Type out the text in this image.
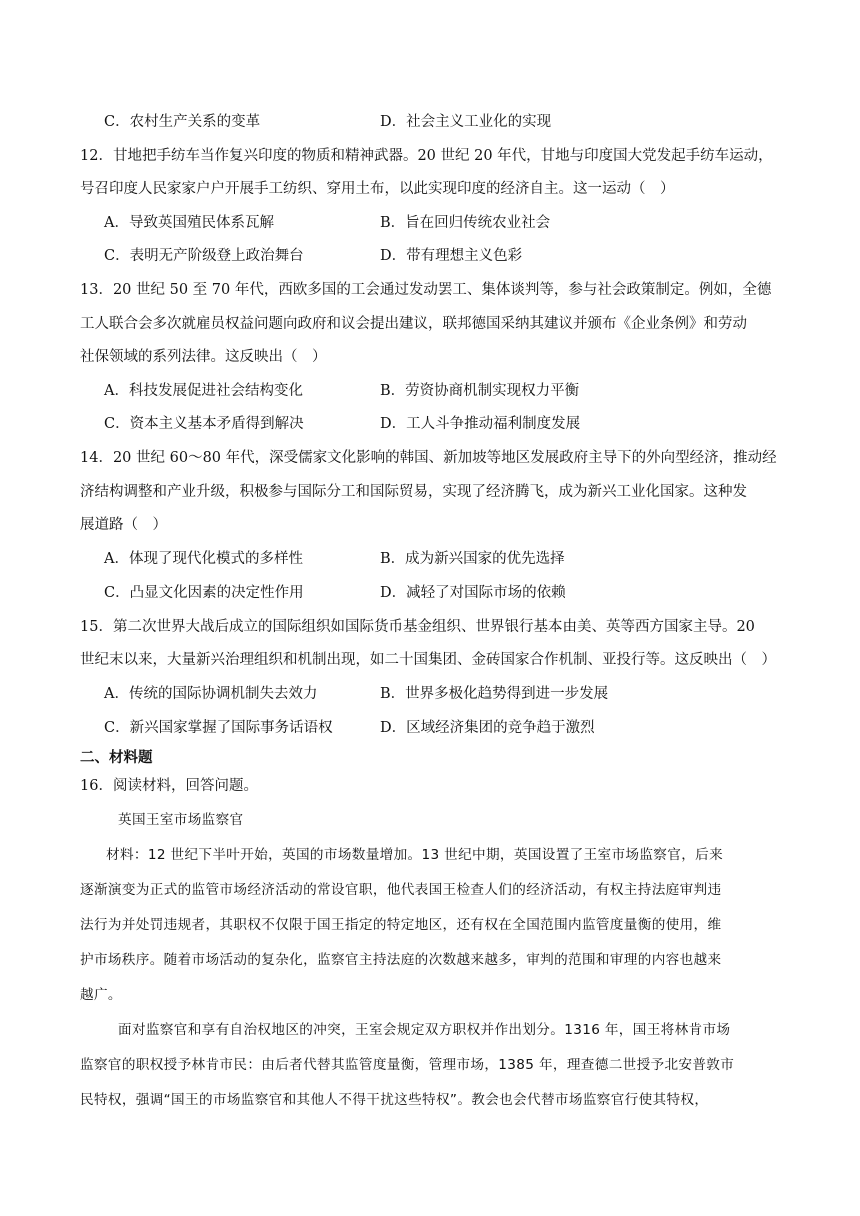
C．农村生产关系的变革	D．社会主义工业化的实现
12．甘地把手纺车当作复兴印度的物质和精神武器。20 世纪 20 年代，甘地与印度国大党发起手纺车运动，
号召印度人民家家户户开展手工纺织、穿用土布，以此实现印度的经济自主。这一运动（　）
A．导致英国殖民体系瓦解	B．旨在回归传统农业社会
C．表明无产阶级登上政治舞台	D．带有理想主义色彩
13．20 世纪 50 至 70 年代，西欧多国的工会通过发动罢工、集体谈判等，参与社会政策制定。例如，全德
工人联合会多次就雇员权益问题向政府和议会提出建议，联邦德国采纳其建议并颁布《企业条例》和劳动
社保领域的系列法律。这反映出（　）
A．科技发展促进社会结构变化	B．劳资协商机制实现权力平衡
C．资本主义基本矛盾得到解决	D．工人斗争推动福利制度发展
14．20 世纪 60～80 年代，深受儒家文化影响的韩国、新加坡等地区发展政府主导下的外向型经济，推动经
济结构调整和产业升级，积极参与国际分工和国际贸易，实现了经济腾飞，成为新兴工业化国家。这种发
展道路（　）
A．体现了现代化模式的多样性	B．成为新兴国家的优先选择
C．凸显文化因素的决定性作用	D．减轻了对国际市场的依赖
15．第二次世界大战后成立的国际组织如国际货币基金组织、世界银行基本由美、英等西方国家主导。20
世纪末以来，大量新兴治理组织和机制出现，如二十国集团、金砖国家合作机制、亚投行等。这反映出（　）
A．传统的国际协调机制失去效力	B．世界多极化趋势得到进一步发展
C．新兴国家掌握了国际事务话语权	D．区域经济集团的竞争趋于激烈
二、材料题
16．阅读材料，回答问题。
英国王室市场监察官
材料：12 世纪下半叶开始，英国的市场数量增加。13 世纪中期，英国设置了王室市场监察官，后来
逐渐演变为正式的监管市场经济活动的常设官职，他代表国王检查人们的经济活动，有权主持法庭审判违
法行为并处罚违规者，其职权不仅限于国王指定的特定地区，还有权在全国范围内监管度量衡的使用，维
护市场秩序。随着市场活动的复杂化，监察官主持法庭的次数越来越多，审判的范围和审理的内容也越来
越广。
面对监察官和享有自治权地区的冲突，王室会规定双方职权并作出划分。1316 年，国王将林肯市场
监察官的职权授予林肯市民：由后者代替其监管度量衡，管理市场，1385 年，理查德二世授予北安普敦市
民特权，强调“国王的市场监察官和其他人不得干扰这些特权”。教会也会代替市场监察官行使其特权，
